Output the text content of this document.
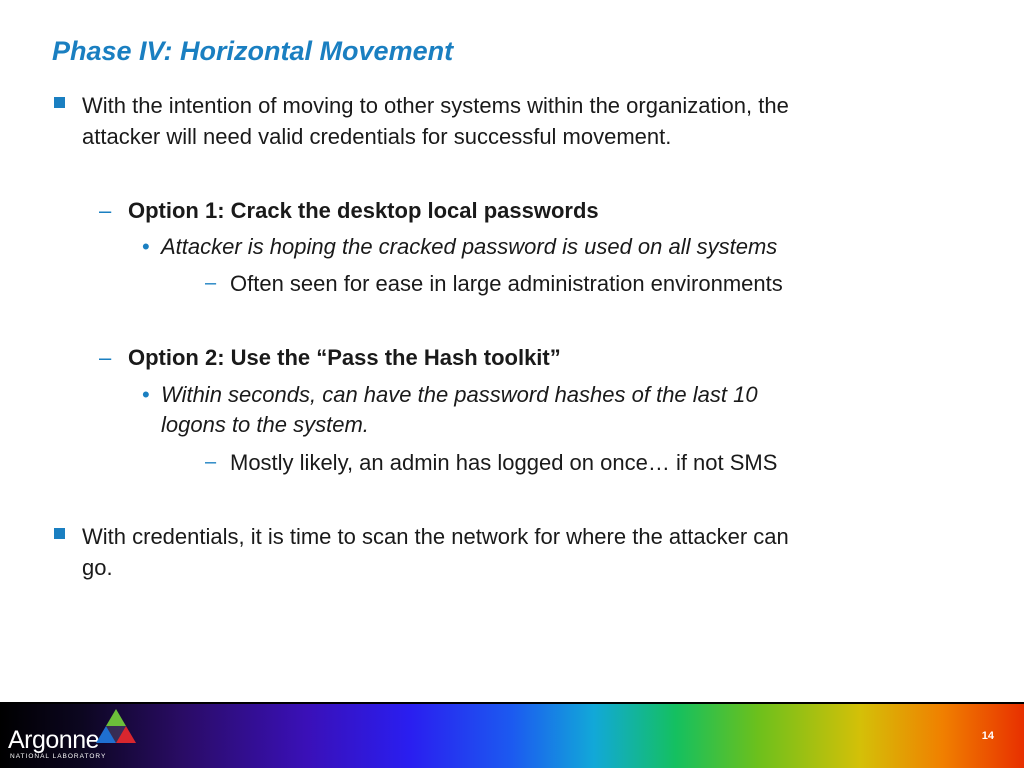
Phase IV: Horizontal Movement
With the intention of moving to other systems within the organization, the
attacker will need valid credentials for successful movement.
– Option 1: Crack the desktop local passwords
• Attacker is hoping the cracked password is used on all systems
– Often seen for ease in large administration environments
– Option 2: Use the “Pass the Hash toolkit”
• Within seconds, can have the password hashes of the last 10
logons to the system.
– Mostly likely, an admin has logged on once… if not SMS
With credentials, it is time to scan the network for where the attacker can
go.
Argonne
NATIONAL LABORATORY
14
